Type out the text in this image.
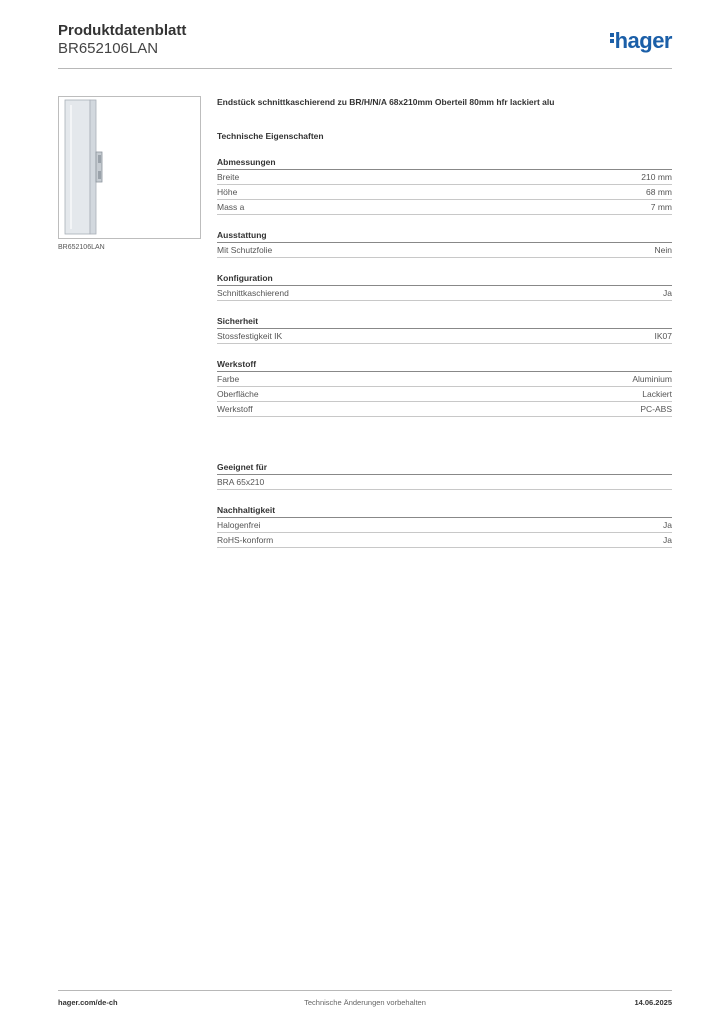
Produktdatenblatt
BR652106LAN	hager
BR652106LAN
Endstück schnittkaschierend zu BR/H/N/A 68x210mm Oberteil 80mm hfr lackiert alu
Technische Eigenschaften
Abmessungen
Breite	210 mm
Höhe	68 mm
Mass a	7 mm
Ausstattung
Mit Schutzfolie	Nein
Konfiguration
Schnittkaschierend	Ja
Sicherheit
Stossfestigkeit IK	IK07
Werkstoff
Farbe	Aluminium
Oberfläche	Lackiert
Werkstoff	PC-ABS
Geeignet für
BRA 65x210
Nachhaltigkeit
Halogenfrei	Ja
RoHS-konform	Ja
Technische Änderungen vorbehalten
hager.com/de-ch	14.06.2025
